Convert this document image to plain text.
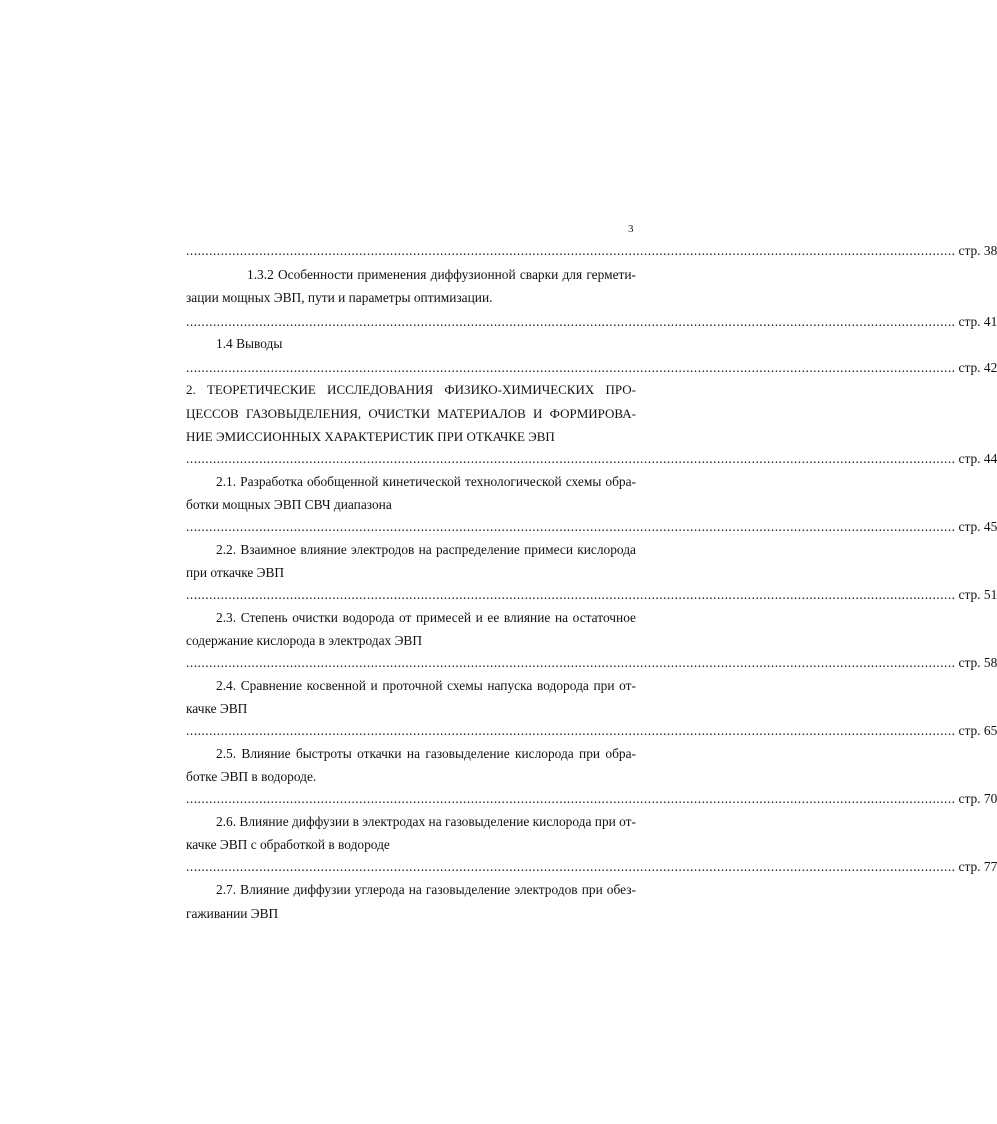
3
........................................................................................................................................................................................................ стр. 38
1.3.2 Особенности применения диффузионной сварки для гермети-
зации мощных ЭВП, пути и параметры оптимизации.
........................................................................................................................................................................................................ стр. 41
1.4 Выводы
........................................................................................................................................................................................................ стр. 42
2. ТЕОРЕТИЧЕСКИЕ ИССЛЕДОВАНИЯ ФИЗИКО-ХИМИЧЕСКИХ ПРО-
ЦЕССОВ ГАЗОВЫДЕЛЕНИЯ, ОЧИСТКИ МАТЕРИАЛОВ И ФОРМИРОВА-
НИЕ ЭМИССИОННЫХ ХАРАКТЕРИСТИК ПРИ ОТКАЧКЕ ЭВП
........................................................................................................................................................................................................ стр. 44
2.1. Разработка обобщенной кинетической технологической схемы обра-
ботки мощных ЭВП СВЧ диапазона
........................................................................................................................................................................................................ стр. 45
2.2. Взаимное влияние электродов на распределение примеси кислорода
при откачке ЭВП
........................................................................................................................................................................................................ стр. 51
2.3. Степень очистки водорода от примесей и ее влияние на остаточное
содержание кислорода в электродах ЭВП
........................................................................................................................................................................................................ стр. 58
2.4. Сравнение косвенной и проточной схемы напуска водорода при от-
качке ЭВП
........................................................................................................................................................................................................ стр. 65
2.5. Влияние быстроты откачки на газовыделение кислорода при обра-
ботке ЭВП в водороде.
........................................................................................................................................................................................................ стр. 70
2.6. Влияние диффузии в электродах на газовыделение кислорода при от-
качке ЭВП с обработкой в водороде
........................................................................................................................................................................................................ стр. 77
2.7. Влияние диффузии углерода на газовыделение электродов при обез-
гаживании ЭВП
